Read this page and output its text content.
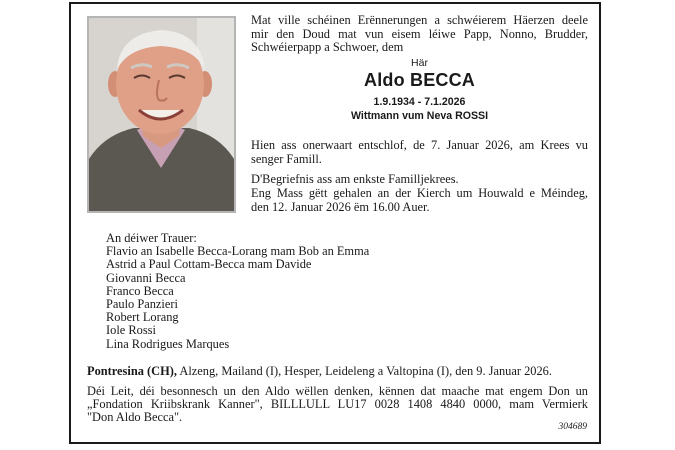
Mat ville schéinen Erënnerungen a schwéierem Häerzen deele
mir den Doud mat vun eisem léiwe Papp, Nonno, Brudder,
Schwéierpapp a Schwoer, dem
Här
Aldo BECCA
1.9.1934 - 7.1.2026
Wittmann vum Neva ROSSI
Hien ass onerwaart entschlof, de 7. Januar 2026, am Krees vu
senger Famill.
D'Begriefnis ass am enkste Familljekrees.
Eng Mass gëtt gehalen an der Kierch um Houwald e Méindeg,
den 12. Januar 2026 ëm 16.00 Auer.
An déiwer Trauer:
Flavio an Isabelle Becca-Lorang mam Bob an Emma
Astrid a Paul Cottam-Becca mam Davide
Giovanni Becca
Franco Becca
Paulo Panzieri
Robert Lorang
Iole Rossi
Lina Rodrigues Marques
Pontresina (CH), Alzeng, Mailand (I), Hesper, Leideleng a Valtopina (I), den 9. Januar 2026.
Déi Leit, déi besonnesch un den Aldo wëllen denken, kënnen dat maache mat engem Don un
„Fondation Kriibskrank Kanner", BILLLULL LU17 0028 1408 4840 0000, mam Vermierk
"Don Aldo Becca".
304689
